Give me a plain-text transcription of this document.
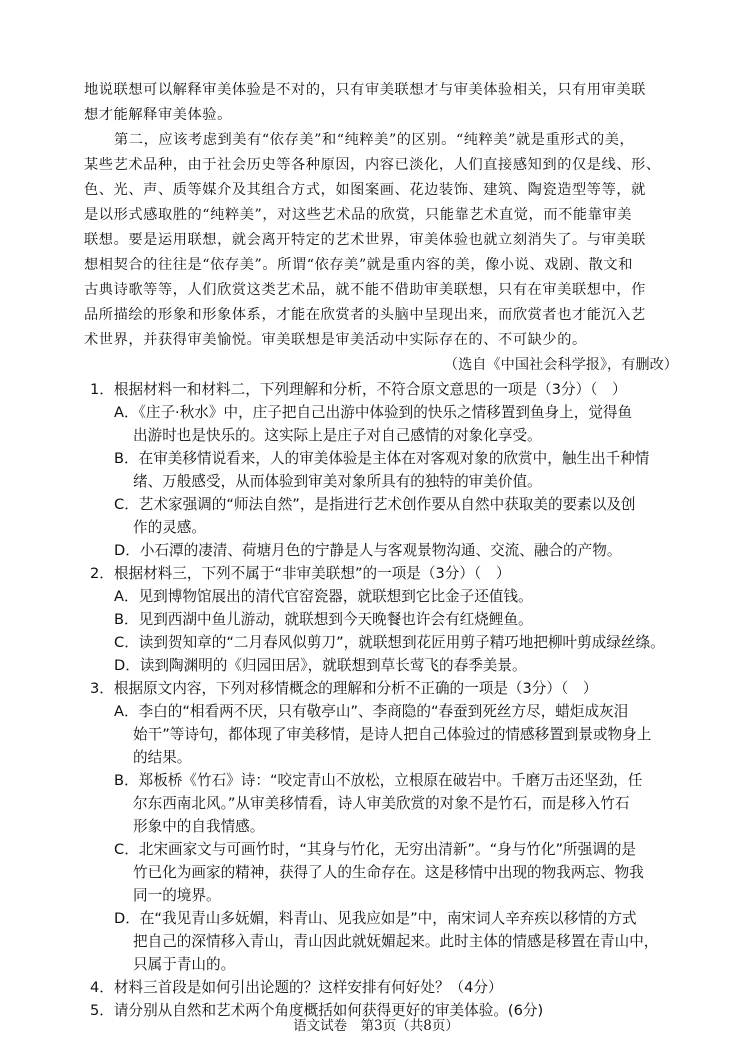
地说联想可以解释审美体验是不对的，只有审美联想才与审美体验相关，只有用审美联
想才能解释审美体验。

第二，应该考虑到美有“依存美”和“纯粹美”的区别。“纯粹美”就是重形式的美，
某些艺术品种，由于社会历史等各种原因，内容已淡化，人们直接感知到的仅是线、形、
色、光、声、质等媒介及其组合方式，如图案画、花边装饰、建筑、陶瓷造型等等，就
是以形式感取胜的“纯粹美”，对这些艺术品的欣赏，只能靠艺术直觉，而不能靠审美
联想。要是运用联想，就会离开特定的艺术世界，审美体验也就立刻消失了。与审美联
想相契合的往往是“依存美”。所谓“依存美”就是重内容的美，像小说、戏剧、散文和
古典诗歌等等，人们欣赏这类艺术品，就不能不借助审美联想，只有在审美联想中，作
品所描绘的形象和形象体系，才能在欣赏者的头脑中呈现出来，而欣赏者也才能沉入艺
术世界，并获得审美愉悦。审美联想是审美活动中实际存在的、不可缺少的。

（选自《中国社会科学报》，有删改）

1．根据材料一和材料二，下列理解和分析，不符合原文意思的一项是（3分）（　）
A．《庄子·秋水》中，庄子把自己出游中体验到的快乐之情移置到鱼身上，觉得鱼
出游时也是快乐的。这实际上是庄子对自己感情的对象化享受。
B．在审美移情说看来，人的审美体验是主体在对客观对象的欣赏中，触生出千种情
绪、万般感受，从而体验到审美对象所具有的独特的审美价值。
C．艺术家强调的“师法自然”，是指进行艺术创作要从自然中获取美的要素以及创
作的灵感。
D．小石潭的凄清、荷塘月色的宁静是人与客观景物沟通、交流、融合的产物。
2．根据材料三，下列不属于“非审美联想”的一项是（3分）（　）
A．见到博物馆展出的清代官窑瓷器，就联想到它比金子还值钱。
B．见到西湖中鱼儿游动，就联想到今天晚餐也许会有红烧鲤鱼。
C．读到贺知章的“二月春风似剪刀”，就联想到花匠用剪子精巧地把柳叶剪成绿丝绦。
D．读到陶渊明的《归园田居》，就联想到草长莺飞的春季美景。
3．根据原文内容，下列对移情概念的理解和分析不正确的一项是（3分）（　）
A．李白的“相看两不厌，只有敬亭山”、李商隐的“春蚕到死丝方尽，蜡炬成灰泪
始干”等诗句，都体现了审美移情，是诗人把自己体验过的情感移置到景或物身上
的结果。
B．郑板桥《竹石》诗：“咬定青山不放松，立根原在破岩中。千磨万击还坚劲，任
尔东西南北风。”从审美移情看，诗人审美欣赏的对象不是竹石，而是移入竹石
形象中的自我情感。
C．北宋画家文与可画竹时，“其身与竹化，无穷出清新”。“身与竹化”所强调的是
竹已化为画家的精神，获得了人的生命存在。这是移情中出现的物我两忘、物我
同一的境界。
D．在“我见青山多妩媚，料青山、见我应如是”中，南宋词人辛弃疾以移情的方式
把自己的深情移入青山，青山因此就妩媚起来。此时主体的情感是移置在青山中，
只属于青山的。
4．材料三首段是如何引出论题的？这样安排有何好处？（4分）
5．请分别从自然和艺术两个角度概括如何获得更好的审美体验。(6分)
语文试卷　第3页（共8页）
